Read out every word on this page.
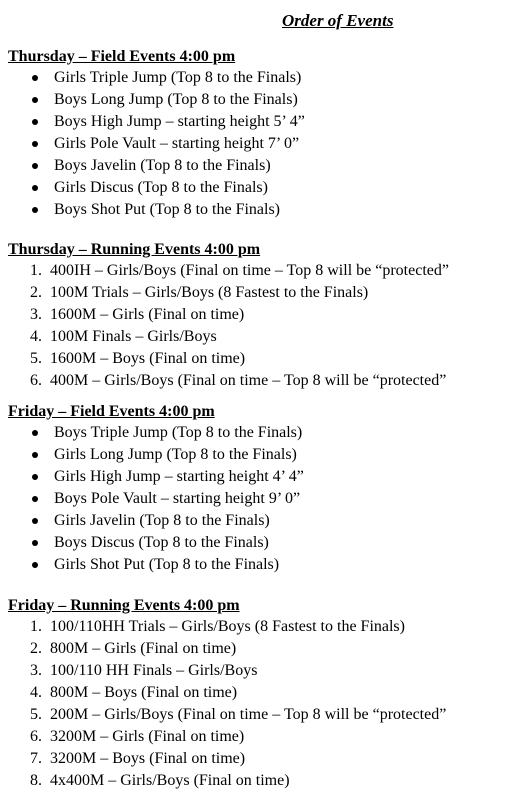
Order of Events
Thursday – Field Events 4:00 pm
Girls Triple Jump (Top 8 to the Finals)
Boys Long Jump (Top 8 to the Finals)
Boys High Jump – starting height 5’ 4”
Girls Pole Vault – starting height 7’ 0”
Boys Javelin (Top 8 to the Finals)
Girls Discus (Top 8 to the Finals)
Boys Shot Put (Top 8 to the Finals)
Thursday – Running Events 4:00 pm
1. 400IH – Girls/Boys (Final on time – Top 8 will be “protected”
2. 100M Trials – Girls/Boys (8 Fastest to the Finals)
3. 1600M – Girls (Final on time)
4. 100M Finals – Girls/Boys
5. 1600M – Boys (Final on time)
6. 400M – Girls/Boys (Final on time – Top 8 will be “protected”
Friday – Field Events 4:00 pm
Boys Triple Jump (Top 8 to the Finals)
Girls Long Jump (Top 8 to the Finals)
Girls High Jump – starting height 4’ 4”
Boys Pole Vault – starting height 9’ 0”
Girls Javelin (Top 8 to the Finals)
Boys Discus (Top 8 to the Finals)
Girls Shot Put (Top 8 to the Finals)
Friday – Running Events 4:00 pm
1. 100/110HH Trials – Girls/Boys (8 Fastest to the Finals)
2. 800M – Girls (Final on time)
3. 100/110 HH Finals – Girls/Boys
4. 800M – Boys (Final on time)
5. 200M – Girls/Boys (Final on time – Top 8 will be “protected”
6. 3200M – Girls (Final on time)
7. 3200M – Boys (Final on time)
8. 4x400M – Girls/Boys (Final on time)
